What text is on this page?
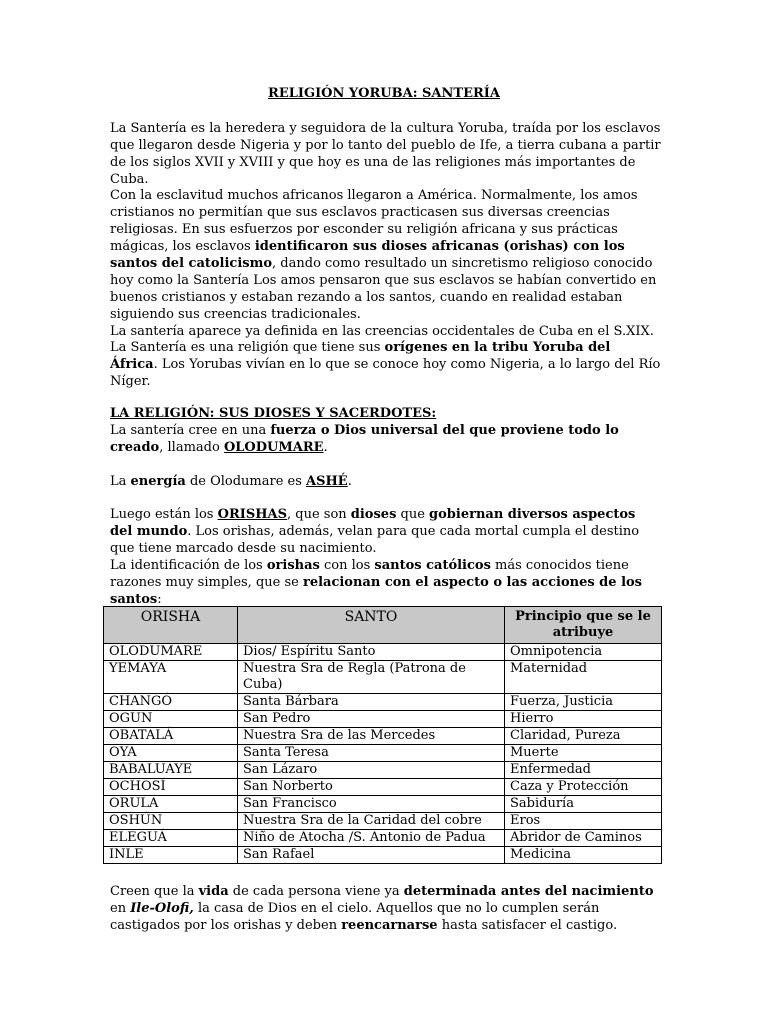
RELIGIÓN YORUBA: SANTERÍA

La Santería es la heredera y seguidora de la cultura Yoruba, traída por los esclavos que llegaron desde Nigeria y por lo tanto del pueblo de Ife, a tierra cubana a partir de los siglos XVII y XVIII y que hoy es una de las religiones más importantes de Cuba.

Con la esclavitud muchos africanos llegaron a América. Normalmente, los amos cristianos no permitían que sus esclavos practicasen sus diversas creencias religiosas. En sus esfuerzos por esconder su religión africana y sus prácticas mágicas, los esclavos identificaron sus dioses africanas (orishas) con los santos del catolicismo, dando como resultado un sincretismo religioso conocido hoy como la Santería Los amos pensaron que sus esclavos se habían convertido en buenos cristianos y estaban rezando a los santos, cuando en realidad estaban siguiendo sus creencias tradicionales.
La santería aparece ya definida en las creencias occidentales de Cuba en el S.XIX.

La Santería es una religión que tiene sus orígenes en la tribu Yoruba del África. Los Yorubas vivían en lo que se conoce hoy como Nigeria, a lo largo del Río Níger.

LA RELIGIÓN: SUS DIOSES Y SACERDOTES:

La santería cree en una fuerza o Dios universal del que proviene todo lo creado, llamado OLODUMARE.

La energía de Olodumare es ASHÉ.

Luego están los ORISHAS, que son dioses que gobiernan diversos aspectos del mundo. Los orishas, además, velan para que cada mortal cumpla el destino que tiene marcado desde su nacimiento.
La identificación de los orishas con los santos católicos más conocidos tiene razones muy simples, que se relacionan con el aspecto o las acciones de los santos:

ORISHA	SANTO	Principio que se le atribuye
OLODUMARE	Dios/ Espíritu Santo	Omnipotencia
YEMAYA	Nuestra Sra de Regla (Patrona de Cuba)	Maternidad
CHANGÓ	Santa Bárbara	Fuerza, Justicia
OGUN	San Pedro	Hierro
OBATALÁ	Nuestra Sra de las Mercedes	Claridad, Pureza
OYA	Santa Teresa	Muerte
BABALUAYE	San Lázaro	Enfermedad
OCHOSÍ	San Norberto	Caza y Protección
ORULA	San Francisco	Sabiduría
OSHÚN	Nuestra Sra de la Caridad del cobre	Eros
ELEGUÁ	Niño de Atocha /S. Antonio de Padua	Abridor de Caminos
INLE	San Rafael	Medicina

Creen que la vida de cada persona viene ya determinada antes del nacimiento en Ile-Olofi, la casa de Dios en el cielo. Aquellos que no lo cumplen serán castigados por los orishas y deben reencarnarse hasta satisfacer el castigo.
